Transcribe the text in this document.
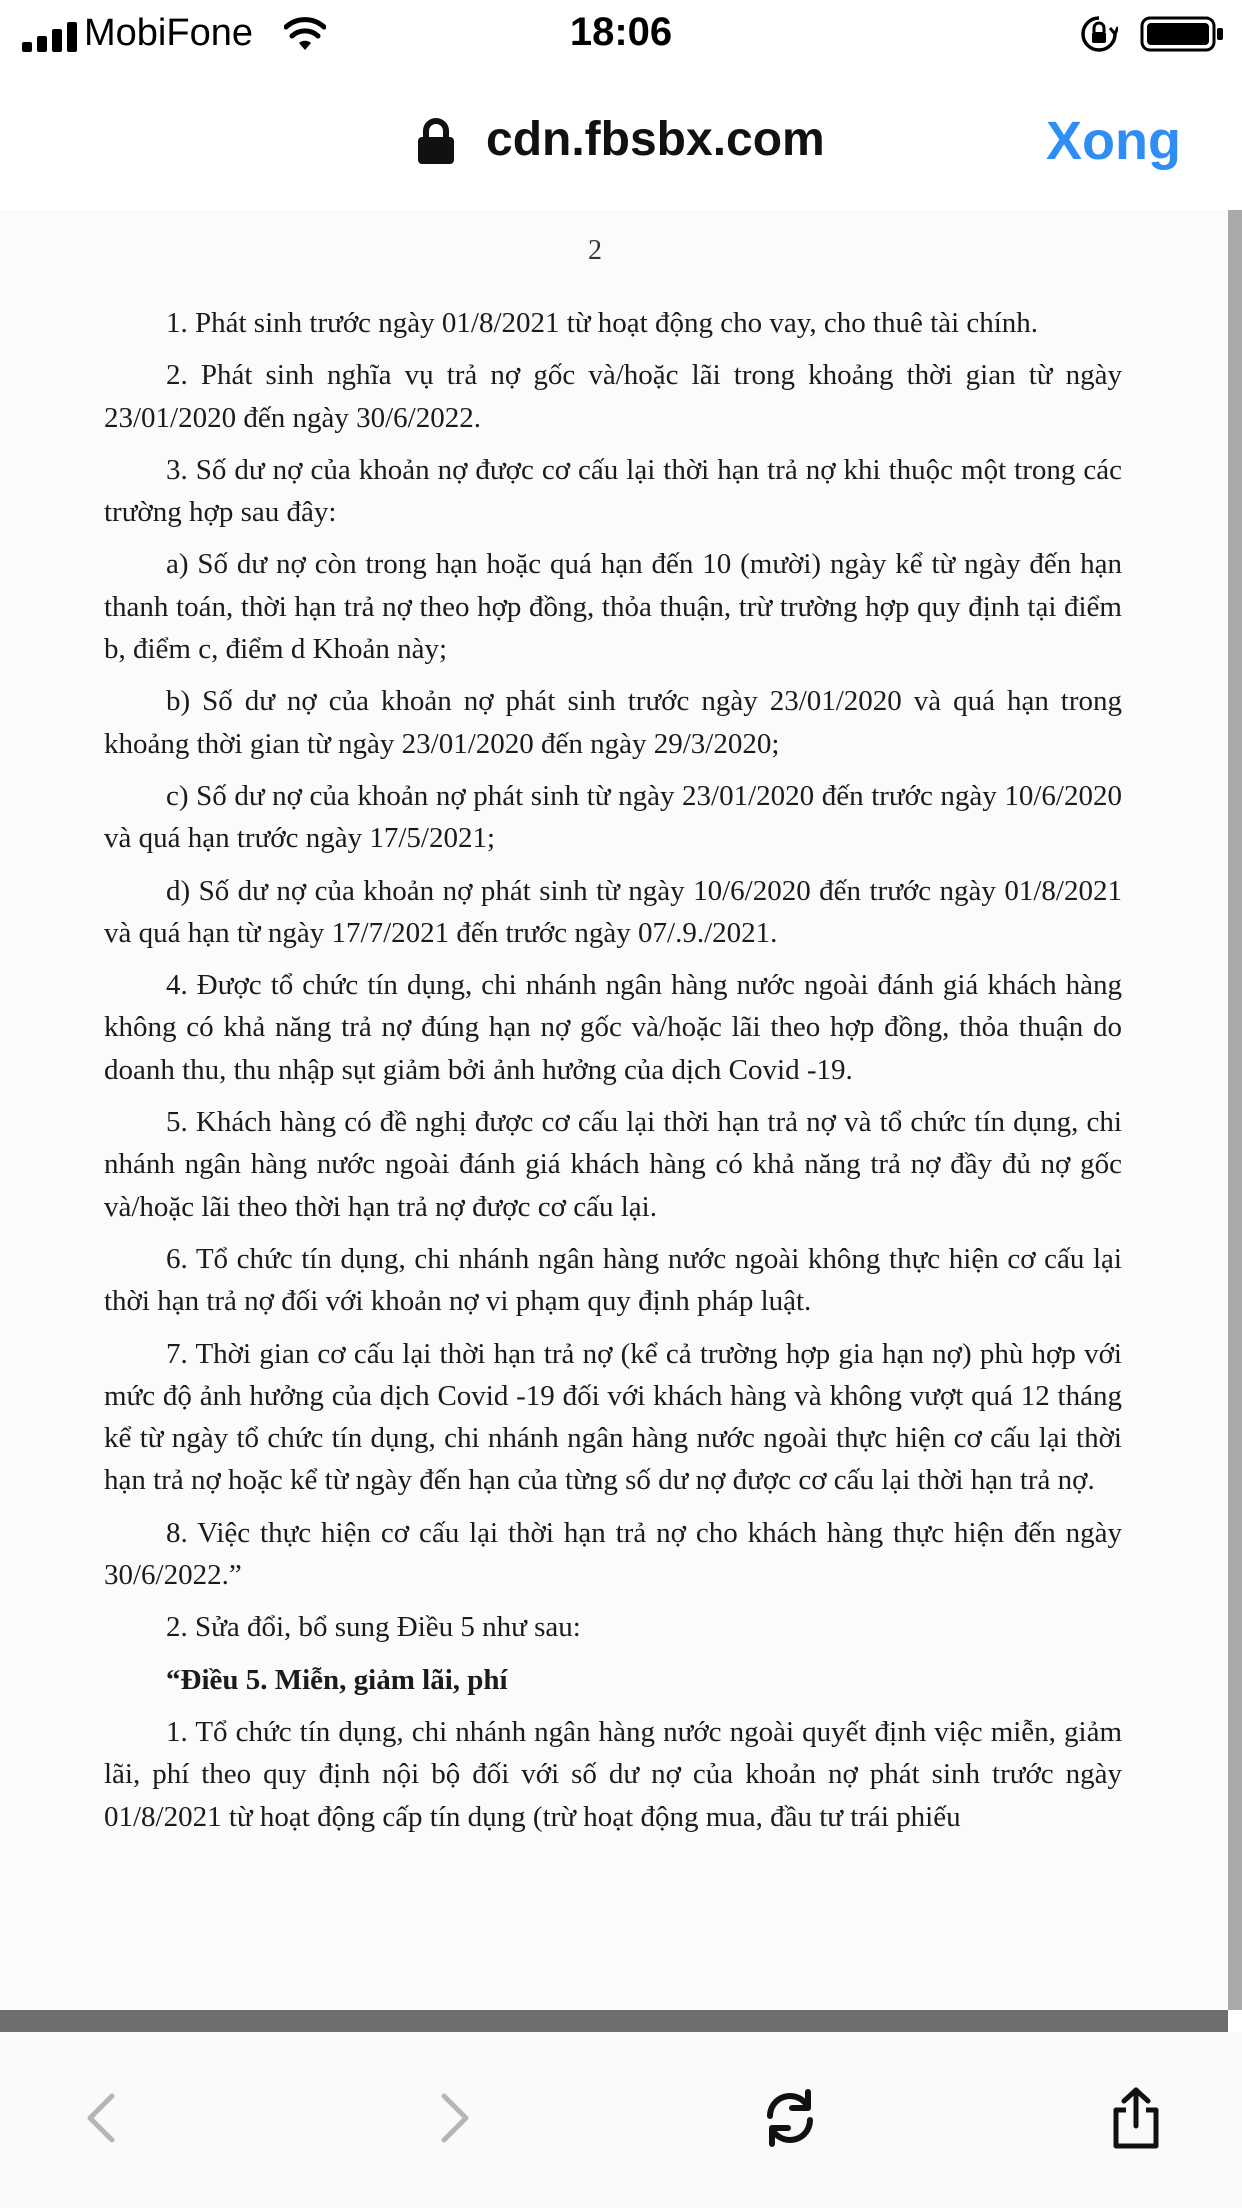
MobiFone	18:06
cdn.fbsbx.com	Xong
2

1. Phát sinh trước ngày 01/8/2021 từ hoạt động cho vay, cho thuê tài chính.

2. Phát sinh nghĩa vụ trả nợ gốc và/hoặc lãi trong khoảng thời gian từ ngày 23/01/2020 đến ngày 30/6/2022.

3. Số dư nợ của khoản nợ được cơ cấu lại thời hạn trả nợ khi thuộc một trong các trường hợp sau đây:

a) Số dư nợ còn trong hạn hoặc quá hạn đến 10 (mười) ngày kể từ ngày đến hạn thanh toán, thời hạn trả nợ theo hợp đồng, thỏa thuận, trừ trường hợp quy định tại điểm b, điểm c, điểm d Khoản này;

b) Số dư nợ của khoản nợ phát sinh trước ngày 23/01/2020 và quá hạn trong khoảng thời gian từ ngày 23/01/2020 đến ngày 29/3/2020;

c) Số dư nợ của khoản nợ phát sinh từ ngày 23/01/2020 đến trước ngày 10/6/2020 và quá hạn trước ngày 17/5/2021;

d) Số dư nợ của khoản nợ phát sinh từ ngày 10/6/2020 đến trước ngày 01/8/2021 và quá hạn từ ngày 17/7/2021 đến trước ngày 07/.9./2021.

4. Được tổ chức tín dụng, chi nhánh ngân hàng nước ngoài đánh giá khách hàng không có khả năng trả nợ đúng hạn nợ gốc và/hoặc lãi theo hợp đồng, thỏa thuận do doanh thu, thu nhập sụt giảm bởi ảnh hưởng của dịch Covid -19.

5. Khách hàng có đề nghị được cơ cấu lại thời hạn trả nợ và tổ chức tín dụng, chi nhánh ngân hàng nước ngoài đánh giá khách hàng có khả năng trả nợ đầy đủ nợ gốc và/hoặc lãi theo thời hạn trả nợ được cơ cấu lại.

6. Tổ chức tín dụng, chi nhánh ngân hàng nước ngoài không thực hiện cơ cấu lại thời hạn trả nợ đối với khoản nợ vi phạm quy định pháp luật.

7. Thời gian cơ cấu lại thời hạn trả nợ (kể cả trường hợp gia hạn nợ) phù hợp với mức độ ảnh hưởng của dịch Covid -19 đối với khách hàng và không vượt quá 12 tháng kể từ ngày tổ chức tín dụng, chi nhánh ngân hàng nước ngoài thực hiện cơ cấu lại thời hạn trả nợ hoặc kể từ ngày đến hạn của từng số dư nợ được cơ cấu lại thời hạn trả nợ.

8. Việc thực hiện cơ cấu lại thời hạn trả nợ cho khách hàng thực hiện đến ngày 30/6/2022.”

2. Sửa đổi, bổ sung Điều 5 như sau:

“Điều 5. Miễn, giảm lãi, phí

1. Tổ chức tín dụng, chi nhánh ngân hàng nước ngoài quyết định việc miễn, giảm lãi, phí theo quy định nội bộ đối với số dư nợ của khoản nợ phát sinh trước ngày 01/8/2021 từ hoạt động cấp tín dụng (trừ hoạt động mua, đầu tư trái phiếu
